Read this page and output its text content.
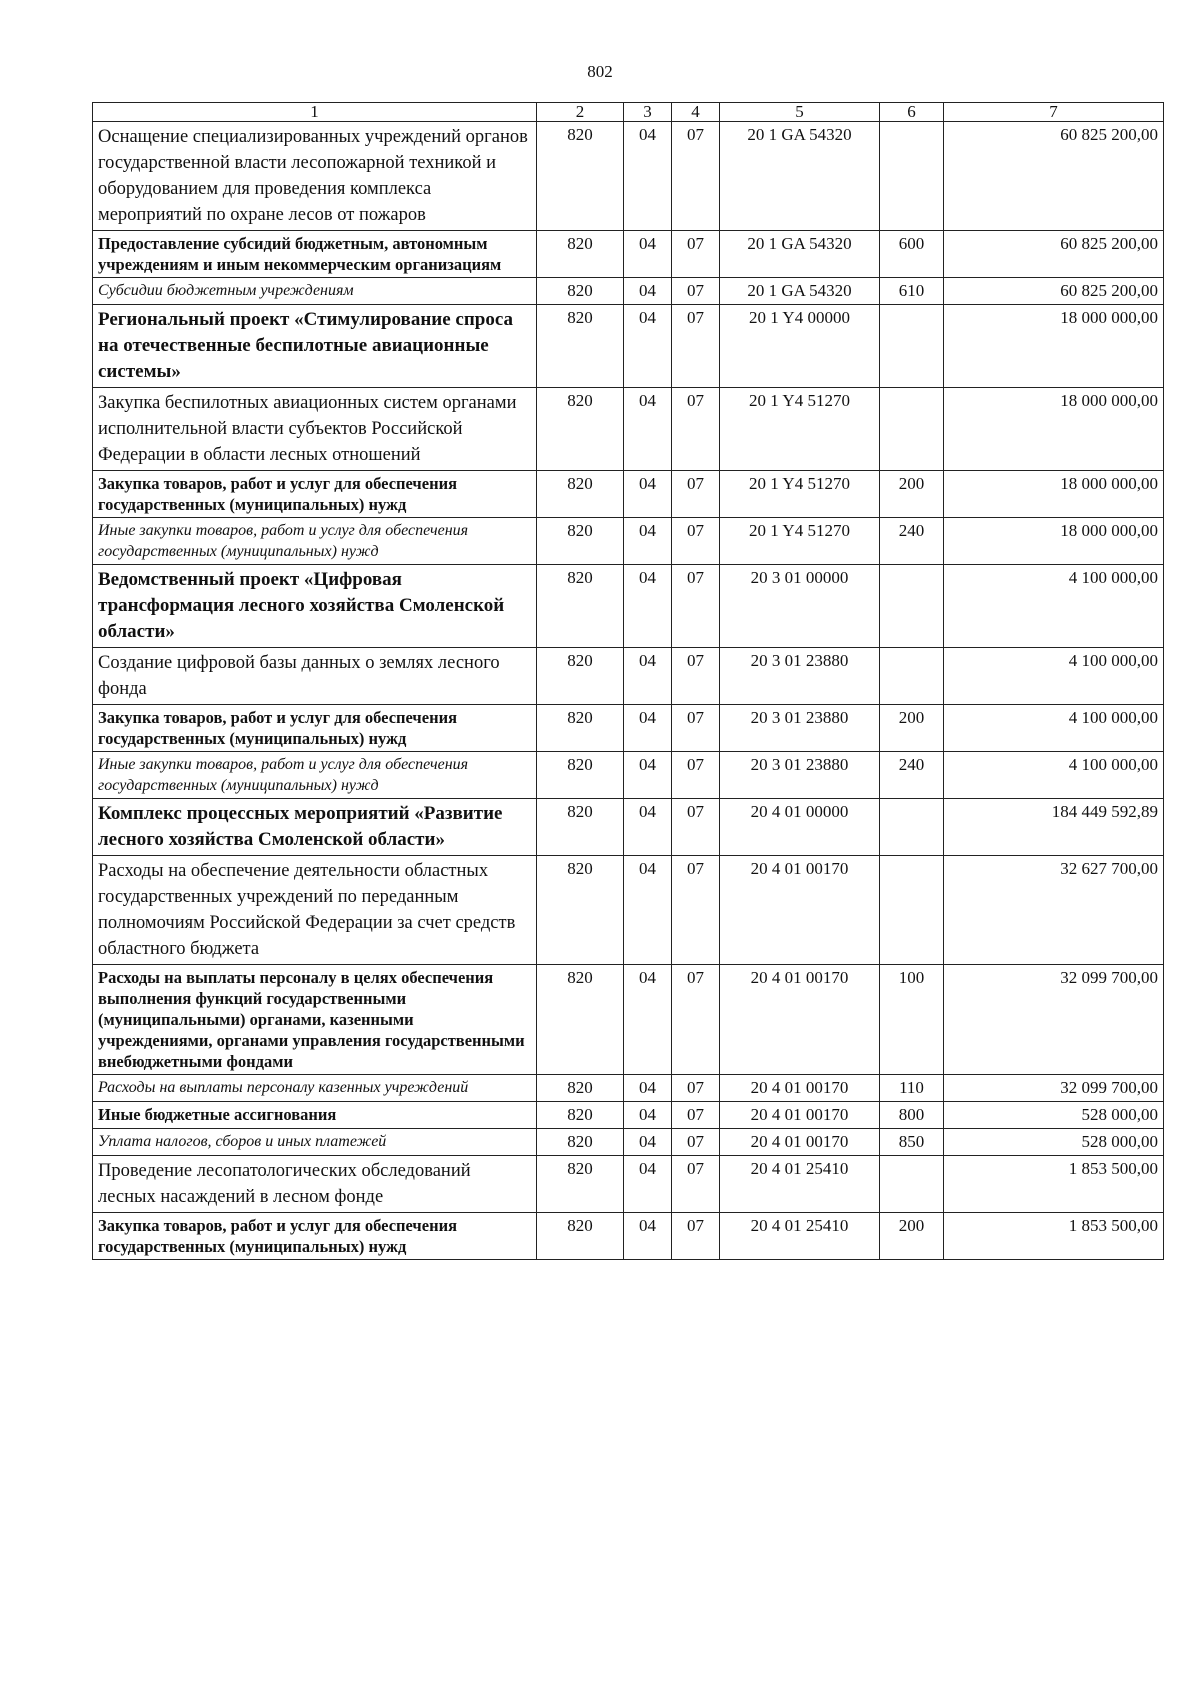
802
1	2	3	4	5	6	7
Оснащение специализированных учреждений органов государственной власти лесопожарной техникой и оборудованием для проведения комплекса мероприятий по охране лесов от пожаров	820	04	07	20 1 GA 54320		60 825 200,00
Предоставление субсидий бюджетным, автономным учреждениям и иным некоммерческим организациям	820	04	07	20 1 GA 54320	600	60 825 200,00
Субсидии бюджетным учреждениям	820	04	07	20 1 GA 54320	610	60 825 200,00
Региональный проект «Стимулирование спроса на отечественные беспилотные авиационные системы»	820	04	07	20 1 Y4 00000		18 000 000,00
Закупка беспилотных авиационных систем органами исполнительной власти субъектов Российской Федерации в области лесных отношений	820	04	07	20 1 Y4 51270		18 000 000,00
Закупка товаров, работ и услуг для обеспечения государственных (муниципальных) нужд	820	04	07	20 1 Y4 51270	200	18 000 000,00
Иные закупки товаров, работ и услуг для обеспечения государственных (муниципальных) нужд	820	04	07	20 1 Y4 51270	240	18 000 000,00
Ведомственный проект «Цифровая трансформация лесного хозяйства Смоленской области»	820	04	07	20 3 01 00000		4 100 000,00
Создание цифровой базы данных о землях лесного фонда	820	04	07	20 3 01 23880		4 100 000,00
Закупка товаров, работ и услуг для обеспечения государственных (муниципальных) нужд	820	04	07	20 3 01 23880	200	4 100 000,00
Иные закупки товаров, работ и услуг для обеспечения государственных (муниципальных) нужд	820	04	07	20 3 01 23880	240	4 100 000,00
Комплекс процессных мероприятий «Развитие лесного хозяйства Смоленской области»	820	04	07	20 4 01 00000		184 449 592,89
Расходы на обеспечение деятельности областных государственных учреждений по переданным полномочиям Российской Федерации за счет средств областного бюджета	820	04	07	20 4 01 00170		32 627 700,00
Расходы на выплаты персоналу в целях обеспечения выполнения функций государственными (муниципальными) органами, казенными учреждениями, органами управления государственными внебюджетными фондами	820	04	07	20 4 01 00170	100	32 099 700,00
Расходы на выплаты персоналу казенных учреждений	820	04	07	20 4 01 00170	110	32 099 700,00
Иные бюджетные ассигнования	820	04	07	20 4 01 00170	800	528 000,00
Уплата налогов, сборов и иных платежей	820	04	07	20 4 01 00170	850	528 000,00
Проведение лесопатологических обследований лесных насаждений в лесном фонде	820	04	07	20 4 01 25410		1 853 500,00
Закупка товаров, работ и услуг для обеспечения государственных (муниципальных) нужд	820	04	07	20 4 01 25410	200	1 853 500,00
